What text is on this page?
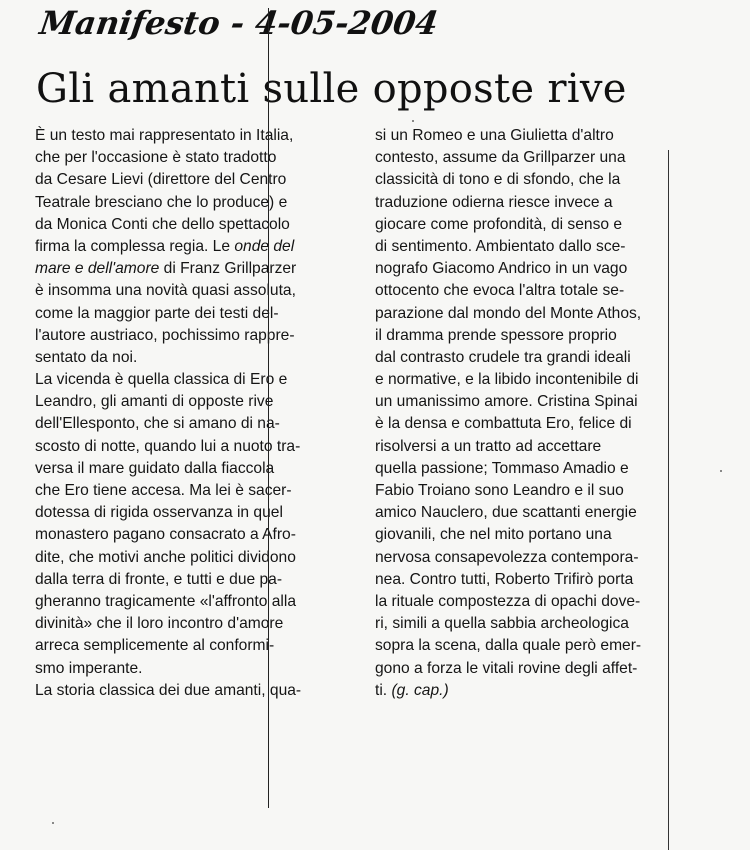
Manifesto - 4-05-2004
Gli amanti sulle opposte rive
È un testo mai rappresentato in Italia,
che per l'occasione è stato tradotto
da Cesare Lievi (direttore del Centro
Teatrale bresciano che lo produce) e
da Monica Conti che dello spettacolo
firma la complessa regia. Le onde del
mare e dell'amore di Franz Grillparzer
è insomma una novità quasi assoluta,
come la maggior parte dei testi del-
l'autore austriaco, pochissimo rappre-
sentato da noi.
La vicenda è quella classica di Ero e
Leandro, gli amanti di opposte rive
dell'Ellesponto, che si amano di na-
scosto di notte, quando lui a nuoto tra-
versa il mare guidato dalla fiaccola
che Ero tiene accesa. Ma lei è sacer-
dotessa di rigida osservanza in quel
monastero pagano consacrato a Afro-
dite, che motivi anche politici dividono
dalla terra di fronte, e tutti e due pa-
gheranno tragicamente «l'affronto alla
divinità» che il loro incontro d'amore
arreca semplicemente al conformi-
smo imperante.
La storia classica dei due amanti, qua-
si un Romeo e una Giulietta d'altro
contesto, assume da Grillparzer una
classicità di tono e di sfondo, che la
traduzione odierna riesce invece a
giocare come profondità, di senso e
di sentimento. Ambientato dallo sce-
nografo Giacomo Andrico in un vago
ottocento che evoca l'altra totale se-
parazione dal mondo del Monte Athos,
il dramma prende spessore proprio
dal contrasto crudele tra grandi ideali
e normative, e la libido incontenibile di
un umanissimo amore. Cristina Spinai
è la densa e combattuta Ero, felice di
risolversi a un tratto ad accettare
quella passione; Tommaso Amadio e
Fabio Troiano sono Leandro e il suo
amico Nauclero, due scattanti energie
giovanili, che nel mito portano una
nervosa consapevolezza contempora-
nea. Contro tutti, Roberto Trifirò porta
la rituale compostezza di opachi dove-
ri, simili a quella sabbia archeologica
sopra la scena, dalla quale però emer-
gono a forza le vitali rovine degli affet-
ti. (g. cap.)
